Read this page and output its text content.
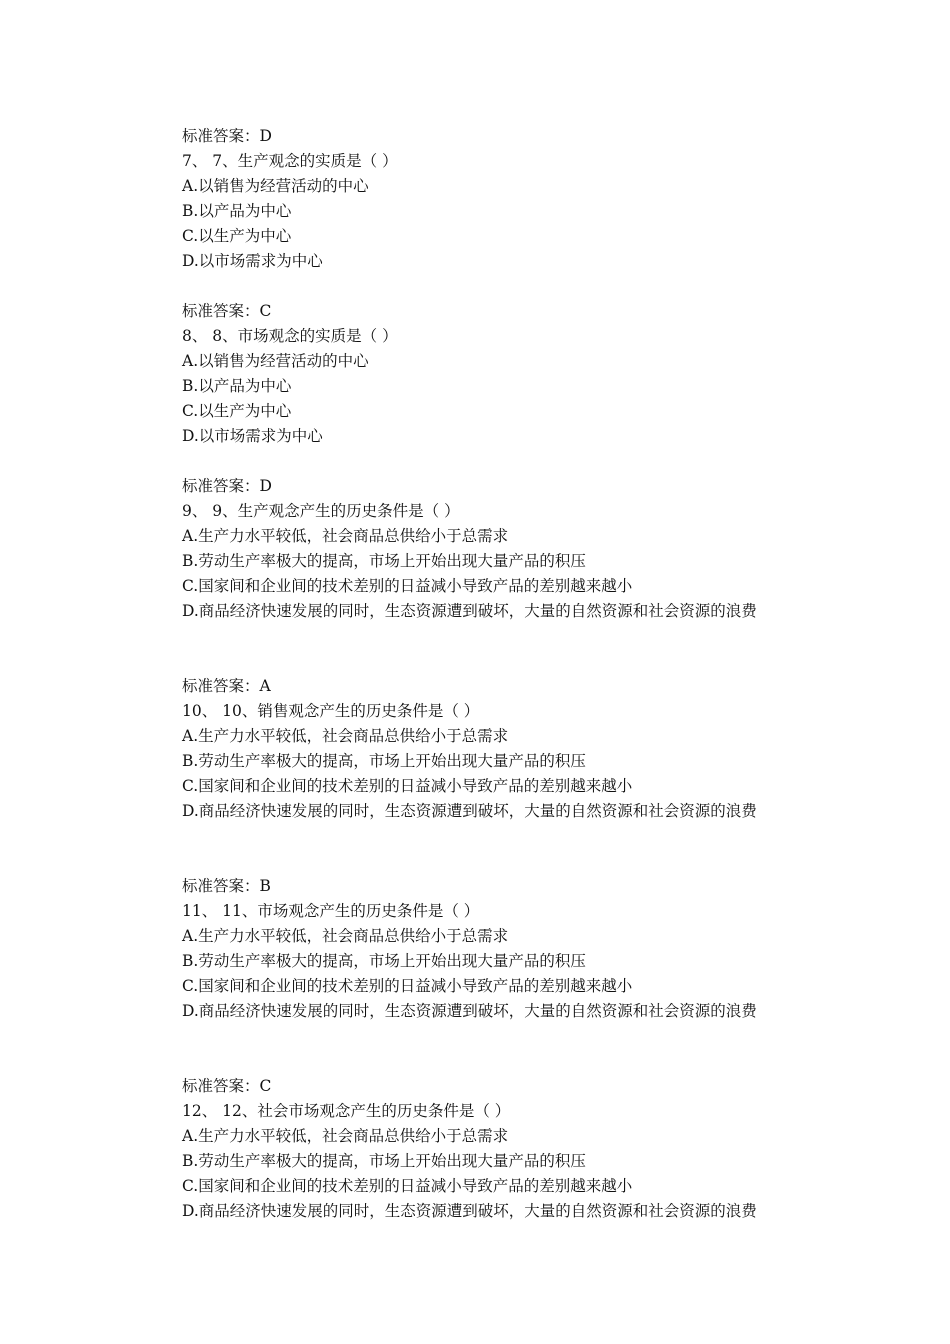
标准答案：D
7、 7、生产观念的实质是（ ）
A.以销售为经营活动的中心
B.以产品为中心
C.以生产为中心
D.以市场需求为中心
标准答案：C
8、 8、市场观念的实质是（ ）
A.以销售为经营活动的中心
B.以产品为中心
C.以生产为中心
D.以市场需求为中心
标准答案：D
9、 9、生产观念产生的历史条件是（ ）
A.生产力水平较低，社会商品总供给小于总需求
B.劳动生产率极大的提高，市场上开始出现大量产品的积压
C.国家间和企业间的技术差别的日益减小导致产品的差别越来越小
D.商品经济快速发展的同时，生态资源遭到破坏，大量的自然资源和社会资源的浪费
标准答案：A
10、 10、销售观念产生的历史条件是（ ）
A.生产力水平较低，社会商品总供给小于总需求
B.劳动生产率极大的提高，市场上开始出现大量产品的积压
C.国家间和企业间的技术差别的日益减小导致产品的差别越来越小
D.商品经济快速发展的同时，生态资源遭到破坏，大量的自然资源和社会资源的浪费
标准答案：B
11、 11、市场观念产生的历史条件是（ ）
A.生产力水平较低，社会商品总供给小于总需求
B.劳动生产率极大的提高，市场上开始出现大量产品的积压
C.国家间和企业间的技术差别的日益减小导致产品的差别越来越小
D.商品经济快速发展的同时，生态资源遭到破坏，大量的自然资源和社会资源的浪费
标准答案：C
12、 12、社会市场观念产生的历史条件是（ ）
A.生产力水平较低，社会商品总供给小于总需求
B.劳动生产率极大的提高，市场上开始出现大量产品的积压
C.国家间和企业间的技术差别的日益减小导致产品的差别越来越小
D.商品经济快速发展的同时，生态资源遭到破坏，大量的自然资源和社会资源的浪费
